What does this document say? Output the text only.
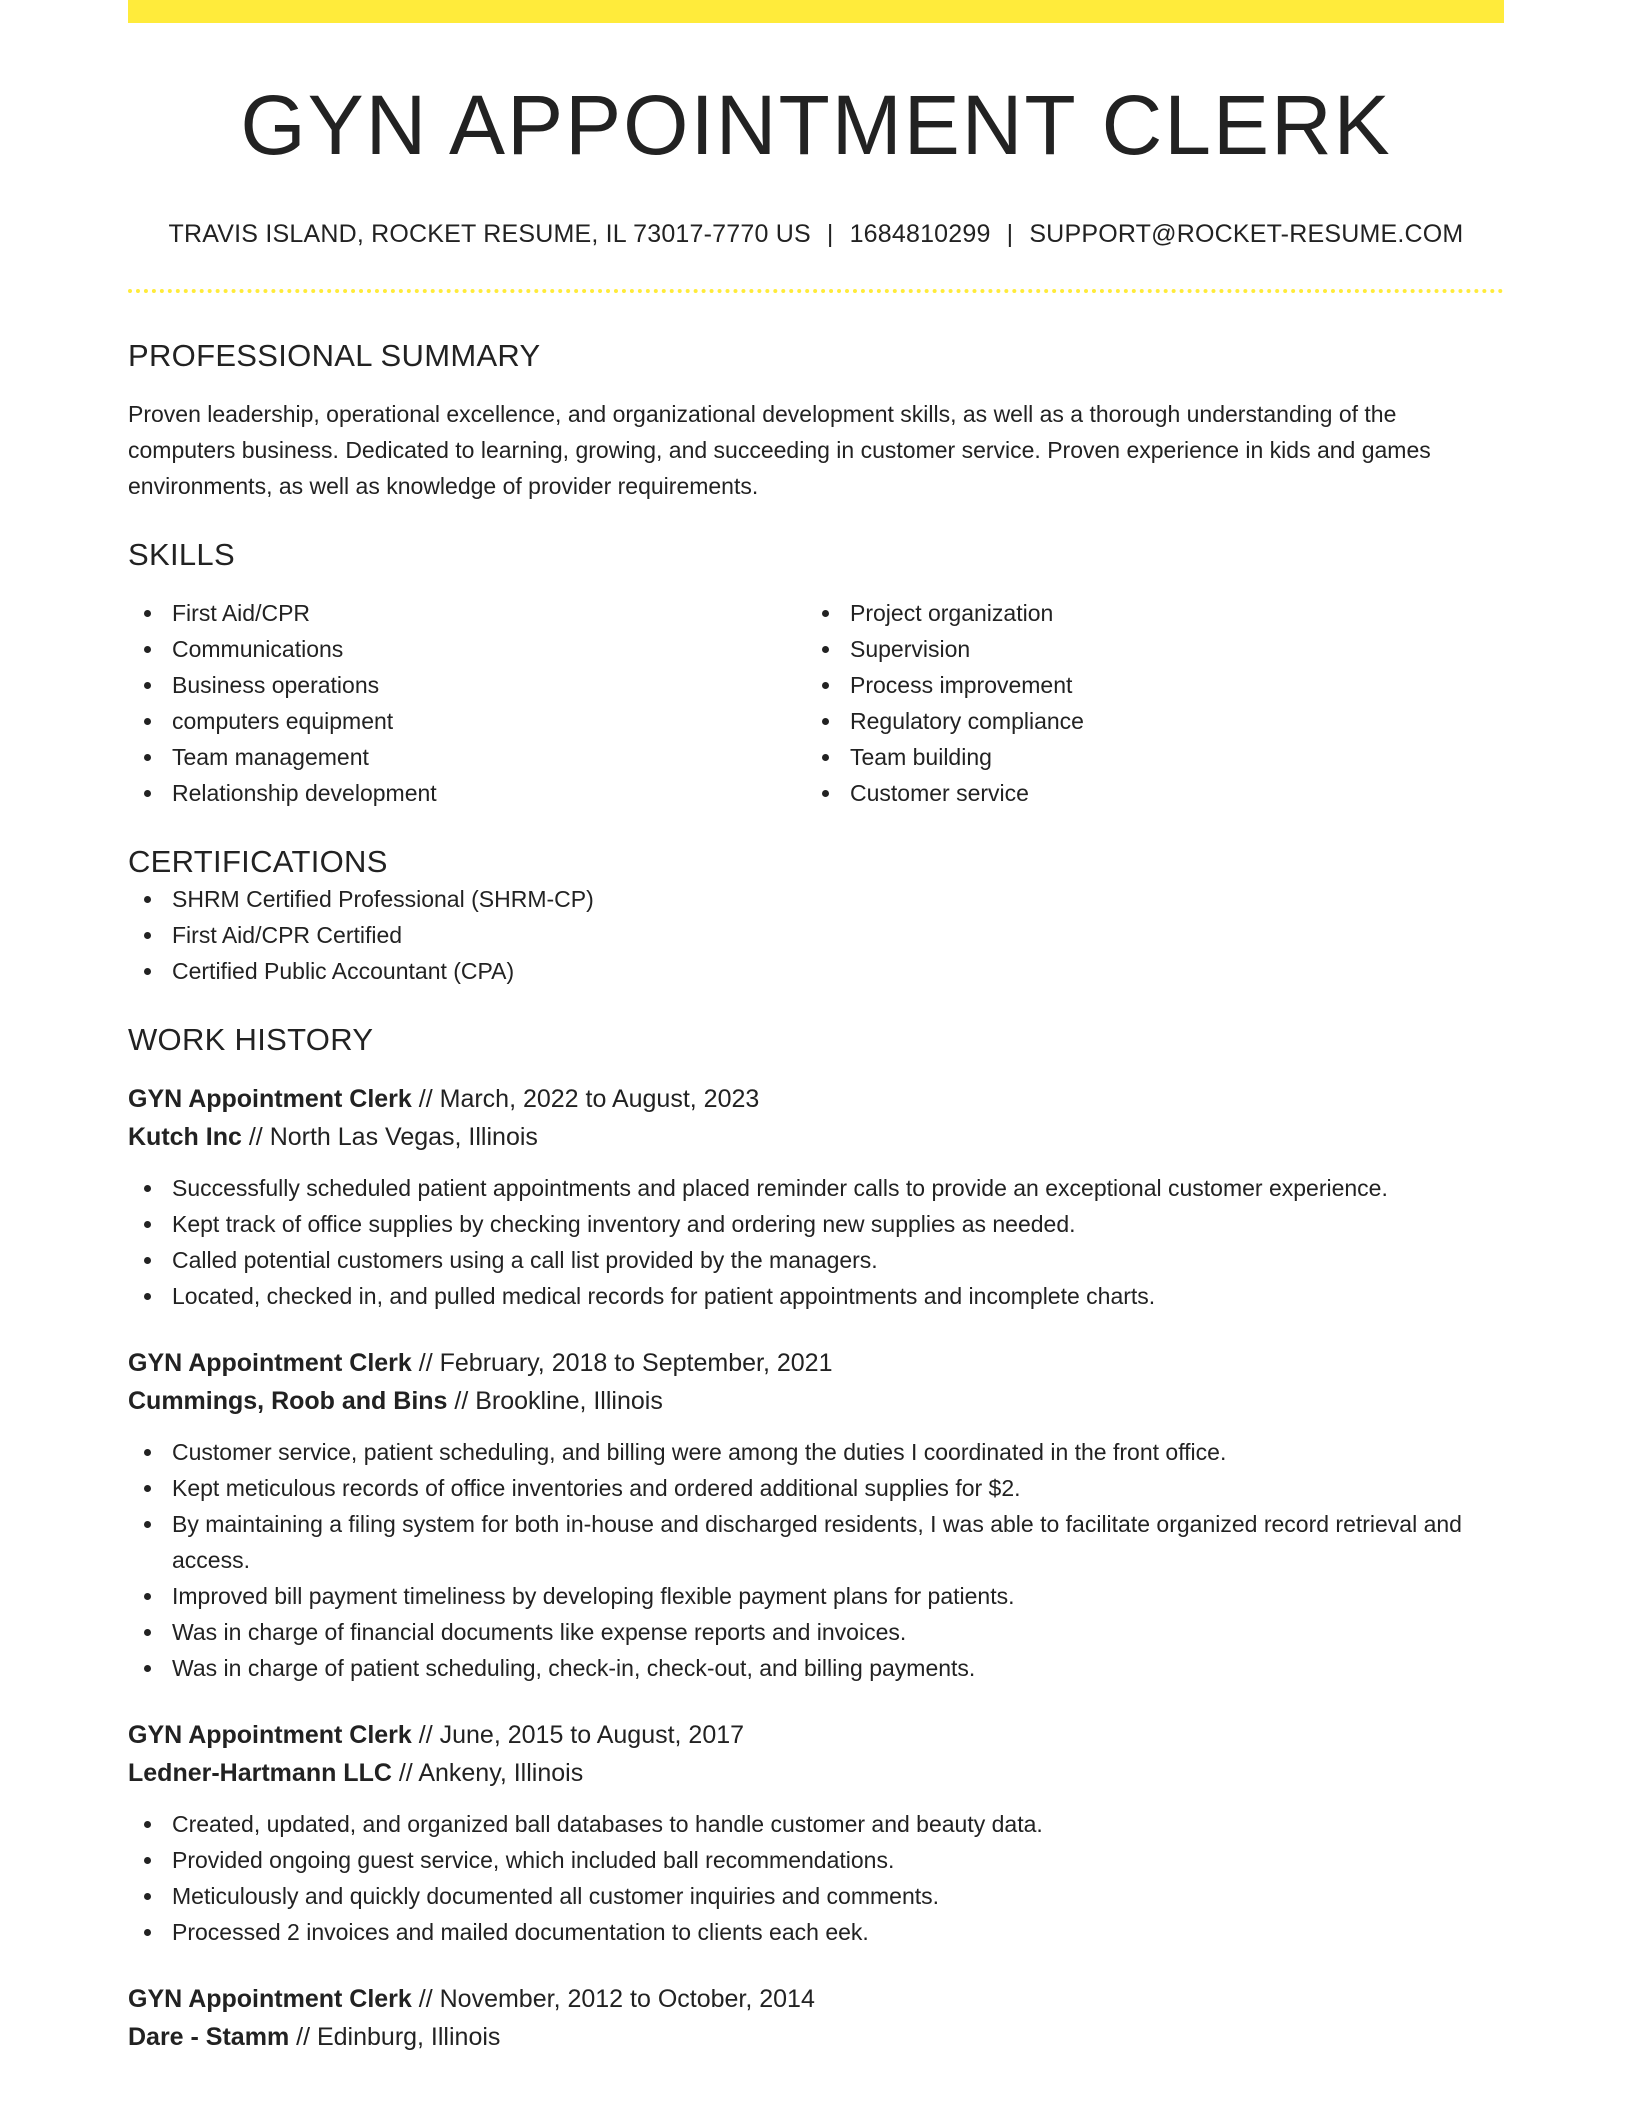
GYN APPOINTMENT CLERK
TRAVIS ISLAND, ROCKET RESUME, IL 73017-7770 US | 1684810299 | SUPPORT@ROCKET-RESUME.COM
PROFESSIONAL SUMMARY

Proven leadership, operational excellence, and organizational development skills, as well as a thorough understanding of the computers business. Dedicated to learning, growing, and succeeding in customer service. Proven experience in kids and games environments, as well as knowledge of provider requirements.

SKILLS
First Aid/CPR
Communications
Business operations
computers equipment
Team management
Relationship development
Project organization
Supervision
Process improvement
Regulatory compliance
Team building
Customer service
CERTIFICATIONS
SHRM Certified Professional (SHRM-CP)
First Aid/CPR Certified
Certified Public Accountant (CPA)
WORK HISTORY
GYN Appointment Clerk // March, 2022 to August, 2023
Kutch Inc // North Las Vegas, Illinois
Successfully scheduled patient appointments and placed reminder calls to provide an exceptional customer experience.
Kept track of office supplies by checking inventory and ordering new supplies as needed.
Called potential customers using a call list provided by the managers.
Located, checked in, and pulled medical records for patient appointments and incomplete charts.
GYN Appointment Clerk // February, 2018 to September, 2021
Cummings, Roob and Bins // Brookline, Illinois
Customer service, patient scheduling, and billing were among the duties I coordinated in the front office.
Kept meticulous records of office inventories and ordered additional supplies for $2.
By maintaining a filing system for both in-house and discharged residents, I was able to facilitate organized record retrieval and access.
Improved bill payment timeliness by developing flexible payment plans for patients.
Was in charge of financial documents like expense reports and invoices.
Was in charge of patient scheduling, check-in, check-out, and billing payments.
GYN Appointment Clerk // June, 2015 to August, 2017
Ledner-Hartmann LLC // Ankeny, Illinois
Created, updated, and organized ball databases to handle customer and beauty data.
Provided ongoing guest service, which included ball recommendations.
Meticulously and quickly documented all customer inquiries and comments.
Processed 2 invoices and mailed documentation to clients each eek.
GYN Appointment Clerk // November, 2012 to October, 2014
Dare - Stamm // Edinburg, Illinois
